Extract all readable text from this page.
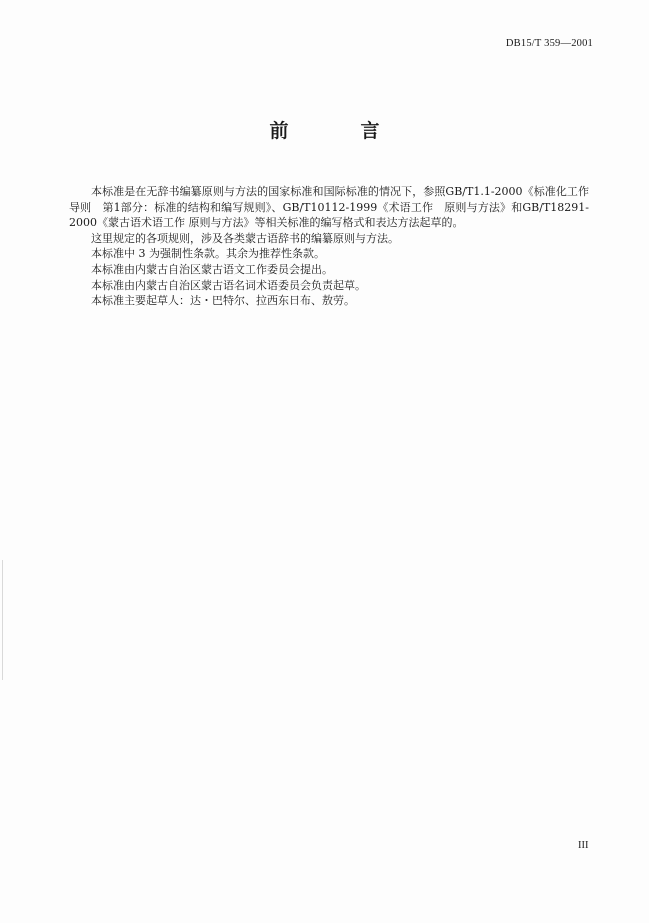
DB15/T 359—2001
前	言

本标准是在无辞书编纂原则与方法的国家标准和国际标准的情况下，参照GB/T1.1-2000《标准化工作导则　第1部分：标准的结构和编写规则》、GB/T10112-1999《术语工作　原则与方法》和GB/T18291-2000《蒙古语术语工作 原则与方法》等相关标准的编写格式和表达方法起草的。

这里规定的各项规则，涉及各类蒙古语辞书的编纂原则与方法。

本标准中 3 为强制性条款。其余为推荐性条款。

本标准由内蒙古自治区蒙古语文工作委员会提出。

本标准由内蒙古自治区蒙古语名词术语委员会负责起草。

本标准主要起草人：达・巴特尔、拉西东日布、敖劳。

III
